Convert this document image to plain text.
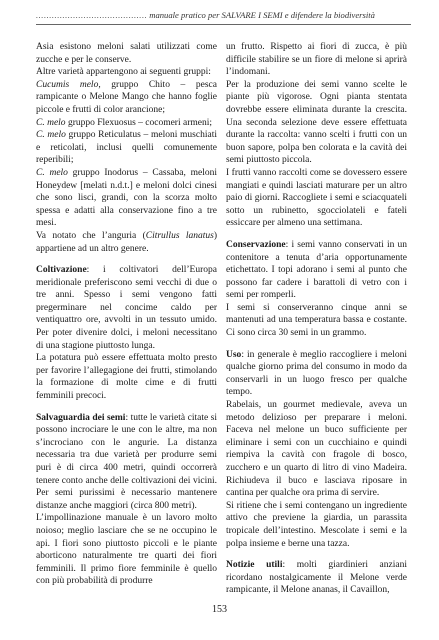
.......................................... manuale pratico per SALVARE I SEMI e difendere la biodiversità

Asia esistono meloni salati utilizzati come zucche e per le conserve.

Altre varietà appartengono ai seguenti gruppi:

Cucumis melo, gruppo Chito – pesca rampicante o Melone Mango che hanno foglie piccole e frutti di color arancione;

C. melo gruppo Flexuosus – cocomeri armeni;

C. melo gruppo Reticulatus – meloni muschiati e reticolati, inclusi quelli comunemente reperibili;

C. melo gruppo Inodorus – Cassaba, meloni Honeydew [melati n.d.t.] e meloni dolci cinesi che sono lisci, grandi, con la scorza molto spessa e adatti alla conservazione fino a tre mesi.

Va notato che l’anguria (Citrullus lanatus) appartiene ad un altro genere.

Coltivazione: i coltivatori dell’Europa meridionale preferiscono semi vecchi di due o tre anni. Spesso i semi vengono fatti pregerminare nel concime caldo per ventiquattro ore, avvolti in un tessuto umido. Per poter divenire dolci, i meloni necessitano di una stagione piuttosto lunga.

La potatura può essere effettuata molto presto per favorire l’allegagione dei frutti, stimolando la formazione di molte cime e di frutti femminili precoci.

Salvaguardia dei semi: tutte le varietà citate si possono incrociare le une con le altre, ma non s’incrociano con le angurie. La distanza necessaria tra due varietà per produrre semi puri è di circa 400 metri, quindi occorrerà tenere conto anche delle coltivazioni dei vicini. Per semi purissimi è necessario mantenere distanze anche maggiori (circa 800 metri).

L’impollinazione manuale è un lavoro molto noioso; meglio lasciare che se ne occupino le api. I fiori sono piuttosto piccoli e le piante aborticono naturalmente tre quarti dei fiori femminili. Il primo fiore femminile è quello con più probabilità di produrre

un frutto. Rispetto ai fiori di zucca, è più difficile stabilire se un fiore di melone si aprirà l’indomani.

Per la produzione dei semi vanno scelte le piante più vigorose. Ogni pianta stentata dovrebbe essere eliminata durante la crescita. Una seconda selezione deve essere effettuata durante la raccolta: vanno scelti i frutti con un buon sapore, polpa ben colorata e la cavità dei semi piuttosto piccola.

I frutti vanno raccolti come se dovessero essere mangiati e quindi lasciati maturare per un altro paio di giorni. Raccogliete i semi e sciacquateli sotto un rubinetto, sgocciolateli e fateli essiccare per almeno una settimana.

Conservazione: i semi vanno conservati in un contenitore a tenuta d’aria opportunamente etichettato. I topi adorano i semi al punto che possono far cadere i barattoli di vetro con i semi per romperli.

I semi si conserveranno cinque anni se mantenuti ad una temperatura bassa e costante. Ci sono circa 30 semi in un grammo.

Uso: in generale è meglio raccogliere i meloni qualche giorno prima del consumo in modo da conservarli in un luogo fresco per qualche tempo.

Rabelais, un gourmet medievale, aveva un metodo delizioso per preparare i meloni. Faceva nel melone un buco sufficiente per eliminare i semi con un cucchiaino e quindi riempiva la cavità con fragole di bosco, zucchero e un quarto di litro di vino Madeira. Richiudeva il buco e lasciava riposare in cantina per qualche ora prima di servire.

Si ritiene che i semi contengano un ingrediente attivo che previene la giardia, un parassita tropicale dell’intestino. Mescolate i semi e la polpa insieme e berne una tazza.

Notizie utili: molti giardinieri anziani ricordano nostalgicamente il Melone verde rampicante, il Melone ananas, il Cavaillon,

153
